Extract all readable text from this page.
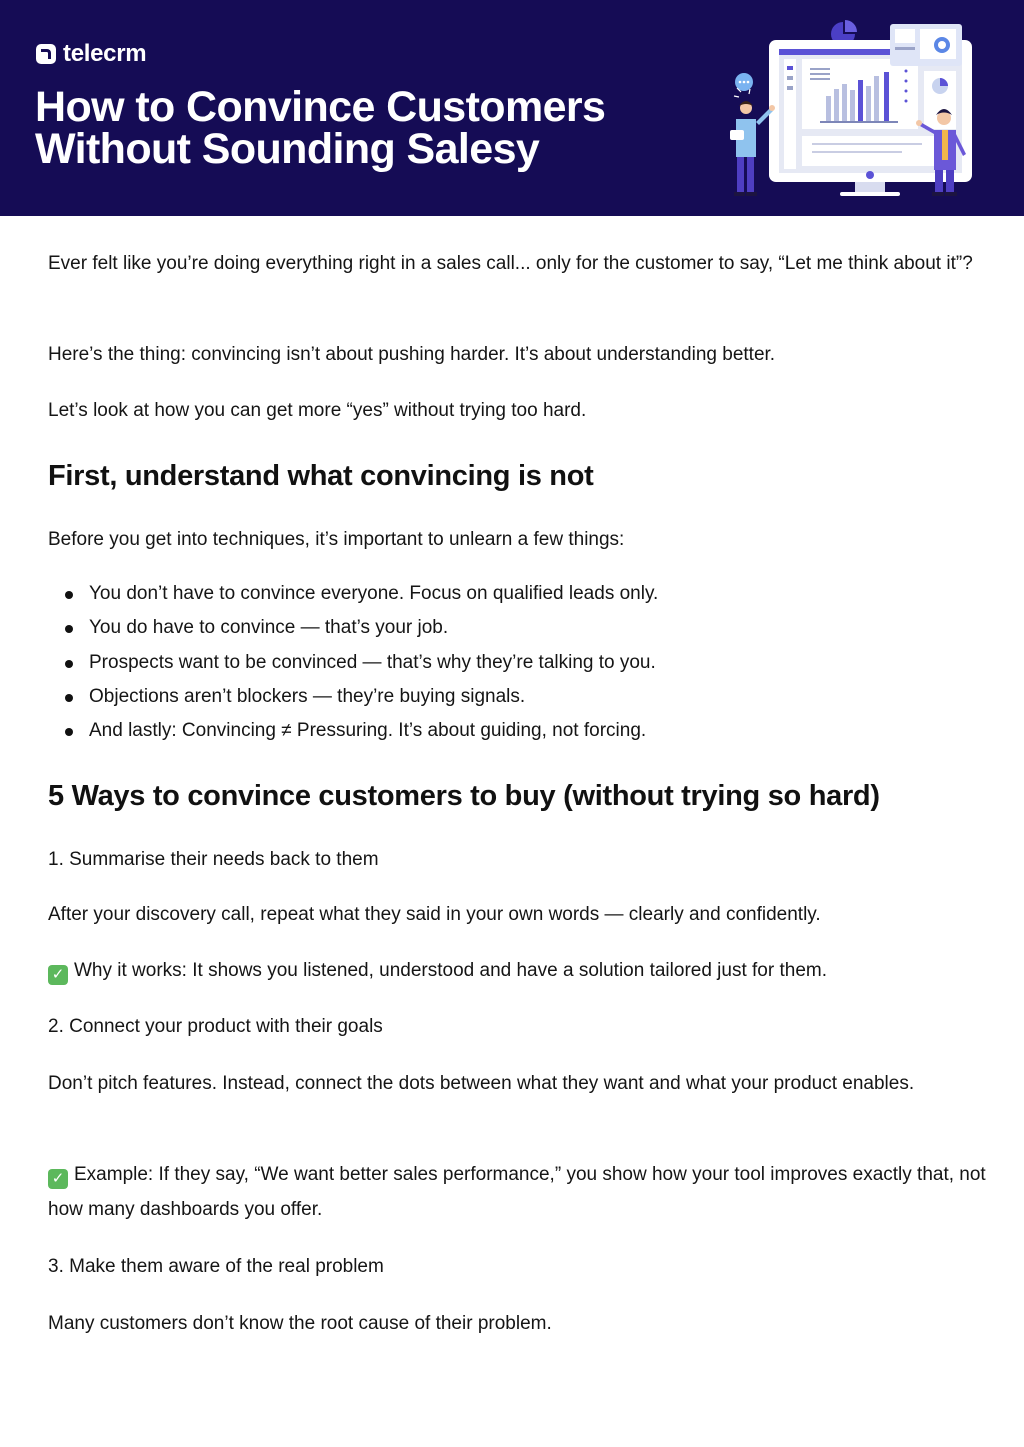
telecrm
How to Convince Customers Without Sounding Salesy

Ever felt like you’re doing everything right in a sales call... only for the customer to say, “Let me think about it”?

Here’s the thing: convincing isn’t about pushing harder. It’s about understanding better.

Let’s look at how you can get more “yes” without trying too hard.

First, understand what convincing is not

Before you get into techniques, it’s important to unlearn a few things:

You don’t have to convince everyone. Focus on qualified leads only.
You do have to convince — that’s your job.
Prospects want to be convinced — that’s why they’re talking to you.
Objections aren’t blockers — they’re buying signals.
And lastly: Convincing ≠ Pressuring. It’s about guiding, not forcing.
5 Ways to convince customers to buy (without trying so hard)

1. Summarise their needs back to them

After your discovery call, repeat what they said in your own words — clearly and confidently.

✓ Why it works: It shows you listened, understood and have a solution tailored just for them.

2. Connect your product with their goals

Don’t pitch features. Instead, connect the dots between what they want and what your product enables.

✓ Example: If they say, “We want better sales performance,” you show how your tool improves exactly that, not how many dashboards you offer.

3. Make them aware of the real problem

Many customers don’t know the root cause of their problem.
